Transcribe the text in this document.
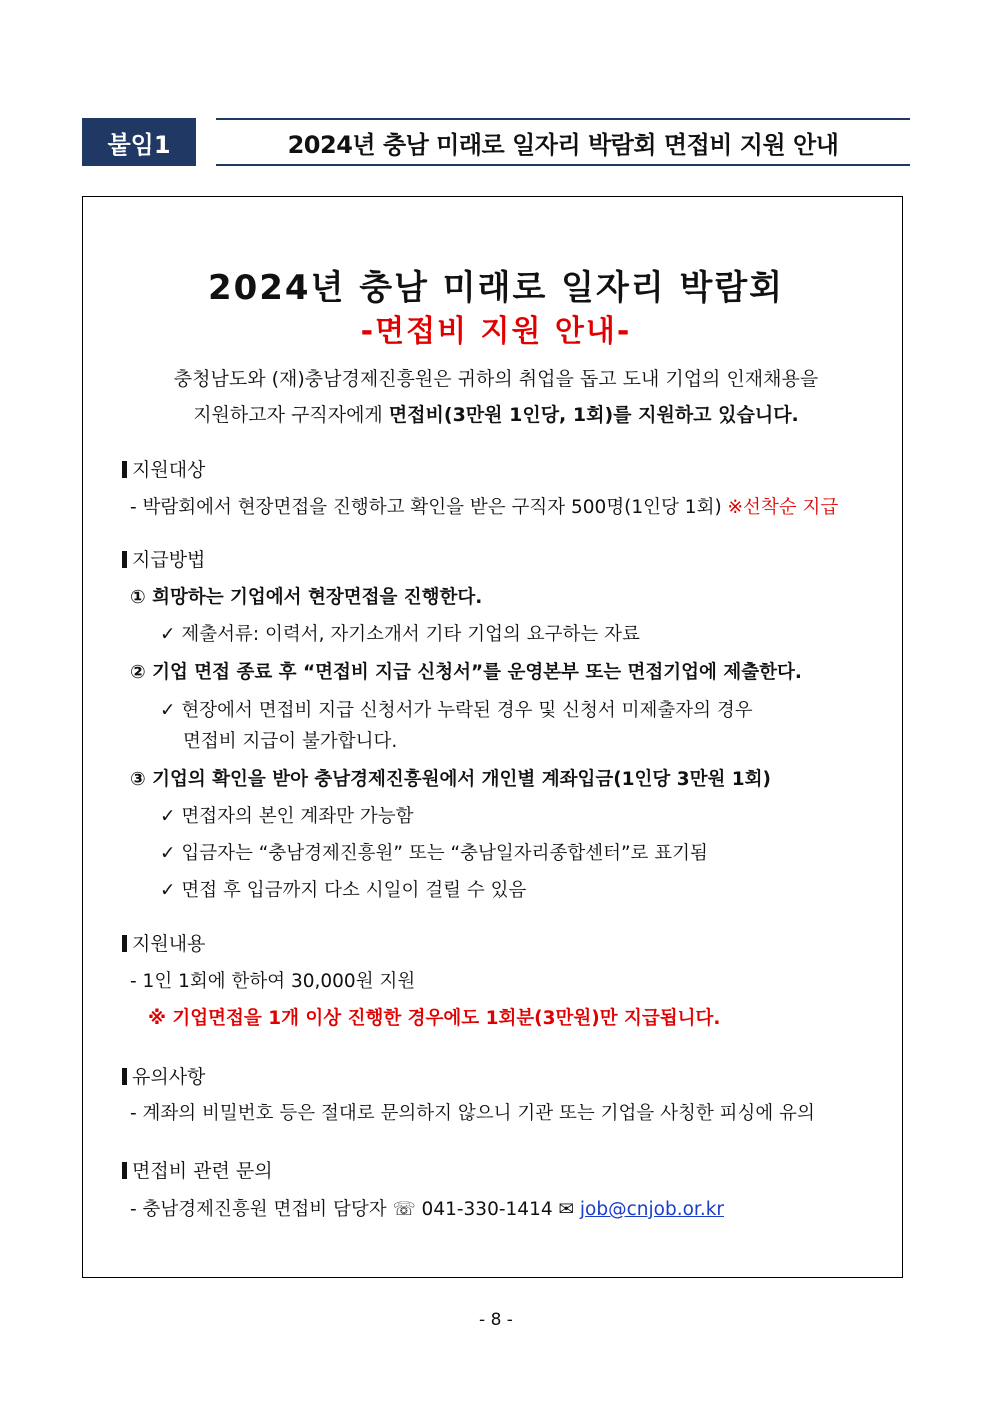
붙임1	2024년 충남 미래로 일자리 박람회 면접비 지원 안내
2024년 충남 미래로 일자리 박람회
-면접비 지원 안내-
충청남도와 (재)충남경제진흥원은 귀하의 취업을 돕고 도내 기업의 인재채용을
지원하고자 구직자에게 면접비(3만원 1인당, 1회)를 지원하고 있습니다.
지원대상
- 박람회에서 현장면접을 진행하고 확인을 받은 구직자 500명(1인당 1회) ※선착순 지급
지급방법
① 희망하는 기업에서 현장면접을 진행한다.
✓ 제출서류: 이력서, 자기소개서 기타 기업의 요구하는 자료
② 기업 면접 종료 후 “면접비 지급 신청서”를 운영본부 또는 면접기업에 제출한다.
✓ 현장에서 면접비 지급 신청서가 누락된 경우 및 신청서 미제출자의 경우
면접비 지급이 불가합니다.
③ 기업의 확인을 받아 충남경제진흥원에서 개인별 계좌입금(1인당 3만원 1회)
✓ 면접자의 본인 계좌만 가능함
✓ 입금자는 “충남경제진흥원” 또는 “충남일자리종합센터”로 표기됨
✓ 면접 후 입금까지 다소 시일이 걸릴 수 있음
지원내용
- 1인 1회에 한하여 30,000원 지원
※ 기업면접을 1개 이상 진행한 경우에도 1회분(3만원)만 지급됩니다.
유의사항
- 계좌의 비밀번호 등은 절대로 문의하지 않으니 기관 또는 기업을 사칭한 피싱에 유의
면접비 관련 문의
- 충남경제진흥원 면접비 담당자 ☏ 041-330-1414 ✉ job@cnjob.or.kr
- 8 -
